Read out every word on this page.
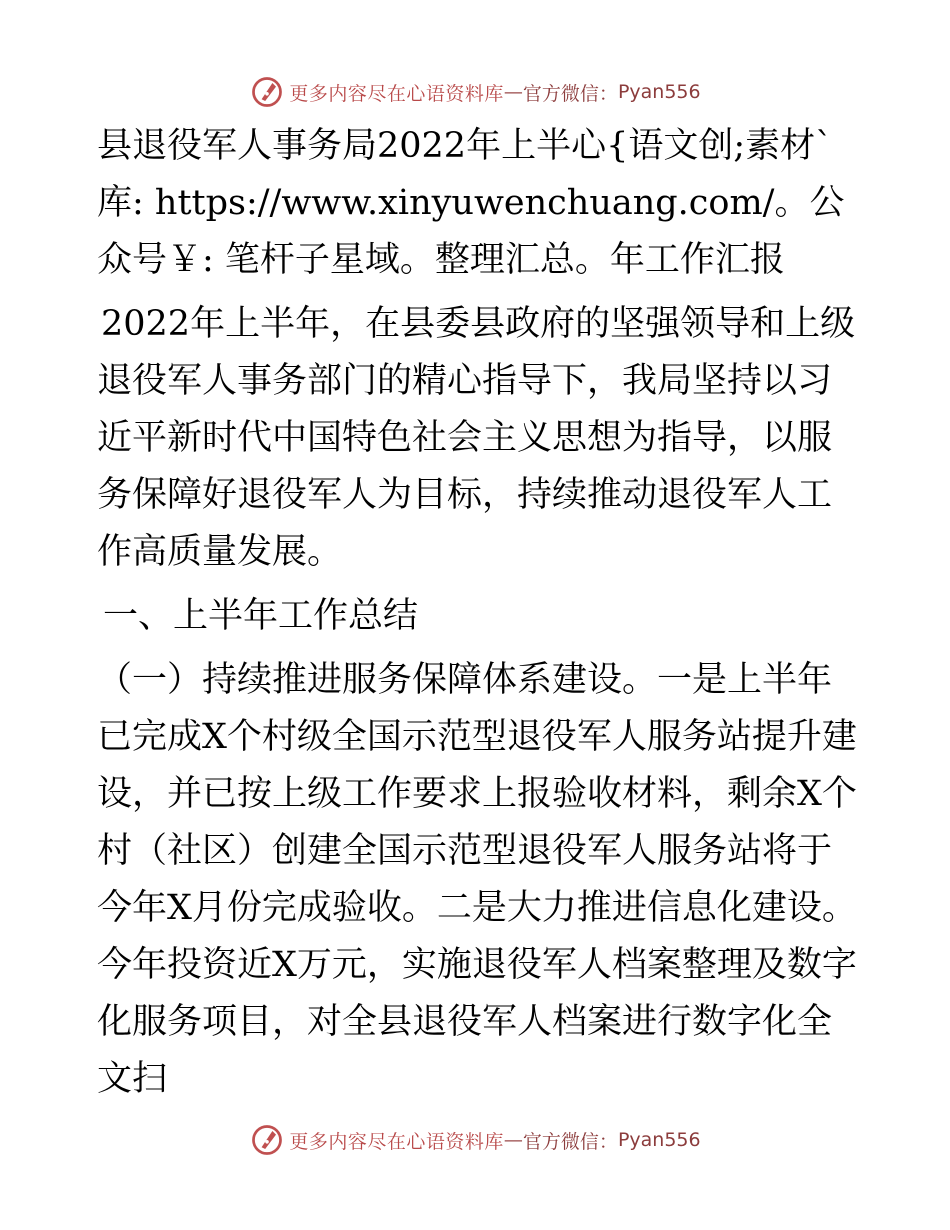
更多内容尽在心语资料库 — 官方微信： Pyan556

县退役军人事务局2022年上半心{语文创;素材`库: https://www.xinyuwenchuang.com/。公众号￥: 笔杆子星域。整理汇总。年工作汇报

2022年上半年，在县委县政府的坚强领导和上级退役军人事务部门的精心指导下，我局坚持以习近平新时代中国特色社会主义思想为指导，以服务保障好退役军人为目标，持续推动退役军人工作高质量发展。

一、上半年工作总结

（一）持续推进服务保障体系建设。一是上半年已完成X个村级全国示范型退役军人服务站提升建设，并已按上级工作要求上报验收材料，剩余X个村（社区）创建全国示范型退役军人服务站将于今年X月份完成验收。二是大力推进信息化建设。今年投资近X万元，实施退役军人档案整理及数字化服务项目，对全县退役军人档案进行数字化全文扫

更多内容尽在心语资料库 — 官方微信： Pyan556
